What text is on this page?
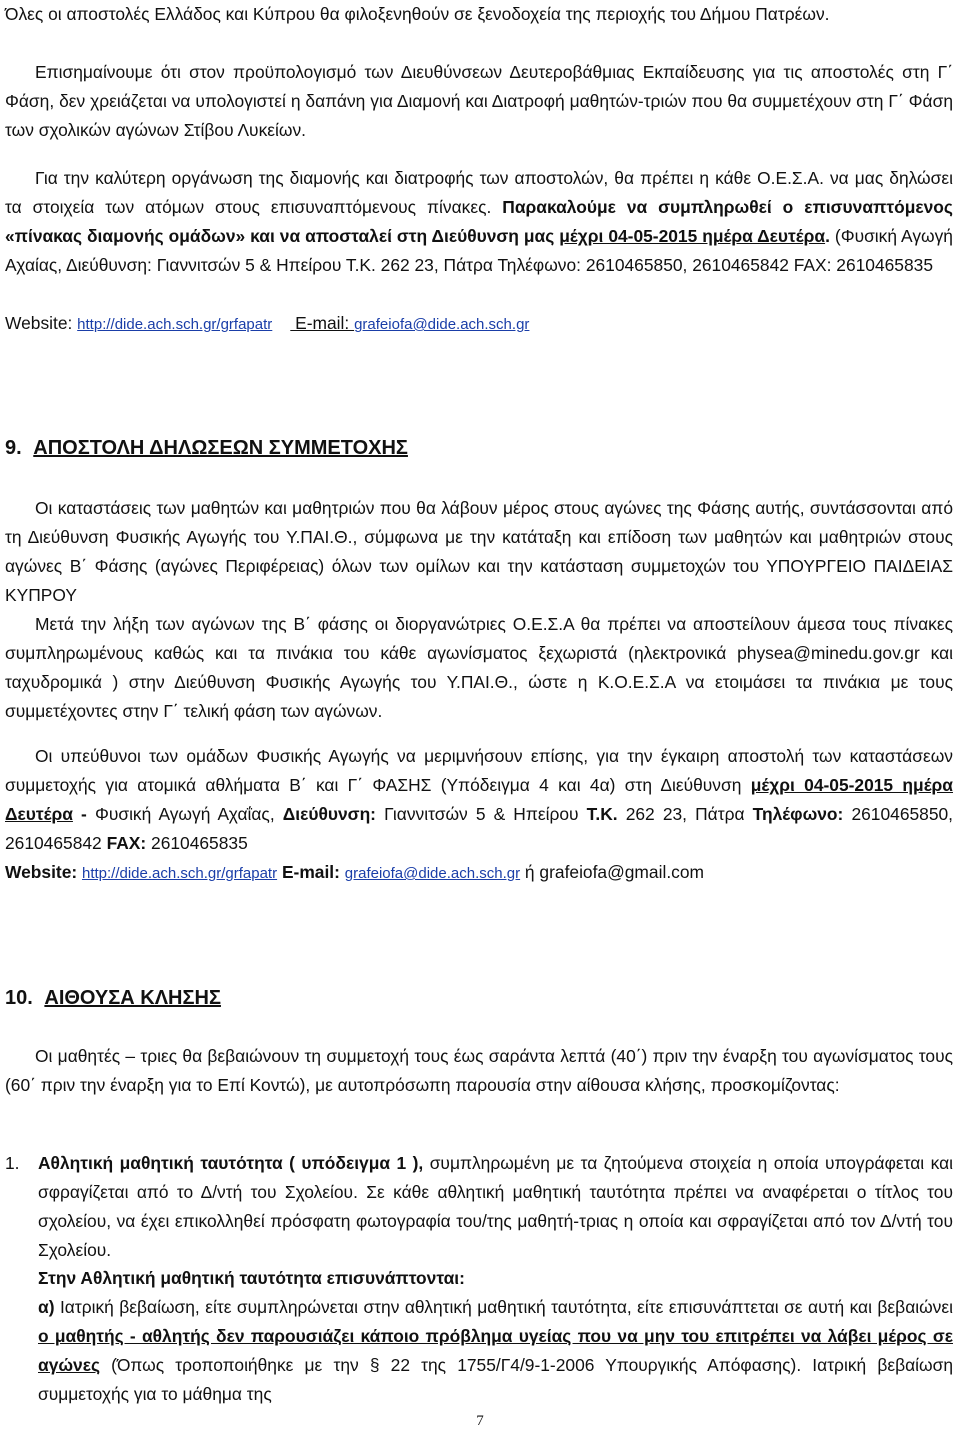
Όλες οι αποστολές Ελλάδος και Κύπρου θα φιλοξενηθούν σε ξενοδοχεία της περιοχής του Δήμου Πατρέων.

Επισημαίνουμε ότι στον προϋπολογισμό των Διευθύνσεων Δευτεροβάθμιας Εκπαίδευσης για τις αποστολές στη Γ΄ Φάση, δεν χρειάζεται να υπολογιστεί η δαπάνη για Διαμονή και Διατροφή μαθητών-τριών που θα συμμετέχουν στη Γ΄ Φάση των σχολικών αγώνων Στίβου Λυκείων.

Για την καλύτερη οργάνωση της διαμονής και διατροφής των αποστολών, θα πρέπει η κάθε Ο.Ε.Σ.Α. να μας δηλώσει τα στοιχεία των ατόμων στους επισυναπτόμενους πίνακες. Παρακαλούμε να συμπληρωθεί ο επισυναπτόμενος «πίνακας διαμονής ομάδων» και να αποσταλεί στη Διεύθυνση μας μέχρι 04-05-2015 ημέρα Δευτέρα. (Φυσική Αγωγή Αχαίας, Διεύθυνση: Γιαννιτσών 5 & Ηπείρου Τ.Κ. 262 23, Πάτρα Τηλέφωνο: 2610465850, 2610465842 FAX: 2610465835

Website: http://dide.ach.sch.gr/grfapatr E-mail: grafeiofa@dide.ach.sch.gr

9. ΑΠΟΣΤΟΛΗ ΔΗΛΩΣΕΩΝ ΣΥΜΜΕΤΟΧΗΣ

Οι καταστάσεις των μαθητών και μαθητριών που θα λάβουν μέρος στους αγώνες της Φάσης αυτής, συντάσσονται από τη Διεύθυνση Φυσικής Αγωγής του Υ.ΠΑΙ.Θ., σύμφωνα με την κατάταξη και επίδοση των μαθητών και μαθητριών στους αγώνες Β΄ Φάσης (αγώνες Περιφέρειας) όλων των ομίλων και την κατάσταση συμμετοχών του ΥΠΟΥΡΓΕΙΟ ΠΑΙΔΕΙΑΣ ΚΥΠΡΟΥ

Μετά την λήξη των αγώνων της Β΄ φάσης οι διοργανώτριες Ο.Ε.Σ.Α θα πρέπει να αποστείλουν άμεσα τους πίνακες συμπληρωμένους καθώς και τα πινάκια του κάθε αγωνίσματος ξεχωριστά (ηλεκτρονικά physea@minedu.gov.gr και ταχυδρομικά ) στην Διεύθυνση Φυσικής Αγωγής του Υ.ΠΑΙ.Θ., ώστε η Κ.Ο.Ε.Σ.Α να ετοιμάσει τα πινάκια με τους συμμετέχοντες στην Γ΄ τελική φάση των αγώνων.

Οι υπεύθυνοι των ομάδων Φυσικής Αγωγής να μεριμνήσουν επίσης, για την έγκαιρη αποστολή των καταστάσεων συμμετοχής για ατομικά αθλήματα Β΄ και Γ΄ ΦΑΣΗΣ (Υπόδειγμα 4 και 4α) στη Διεύθυνση μέχρι 04-05-2015 ημέρα Δευτέρα - Φυσική Αγωγή Αχαΐας, Διεύθυνση: Γιαννιτσών 5 & Ηπείρου Τ.Κ. 262 23, Πάτρα Τηλέφωνο: 2610465850, 2610465842 FAX: 2610465835

Website: http://dide.ach.sch.gr/grfapatr E-mail: grafeiofa@dide.ach.sch.gr ή grafeiofa@gmail.com

10. ΑΙΘΟΥΣΑ ΚΛΗΣΗΣ

Οι μαθητές – τριες θα βεβαιώνουν τη συμμετοχή τους έως σαράντα λεπτά (40΄) πριν την έναρξη του αγωνίσματος τους (60΄ πριν την έναρξη για το Επί Κοντώ), με αυτοπρόσωπη παρουσία στην αίθουσα κλήσης, προσκομίζοντας:

1. Αθλητική μαθητική ταυτότητα ( υπόδειγμα 1 ), συμπληρωμένη με τα ζητούμενα στοιχεία η οποία υπογράφεται και σφραγίζεται από το Δ/ντή του Σχολείου. Σε κάθε αθλητική μαθητική ταυτότητα πρέπει να αναφέρεται ο τίτλος του σχολείου, να έχει επικολληθεί πρόσφατη φωτογραφία του/της μαθητή-τριας η οποία και σφραγίζεται από τον Δ/ντή του Σχολείου.

Στην Αθλητική μαθητική ταυτότητα επισυνάπτονται:

α) Ιατρική βεβαίωση, είτε συμπληρώνεται στην αθλητική μαθητική ταυτότητα, είτε επισυνάπτεται σε αυτή και βεβαιώνει ο μαθητής - αθλητής δεν παρουσιάζει κάποιο πρόβλημα υγείας που να μην του επιτρέπει να λάβει μέρος σε αγώνες (Όπως τροποποιήθηκε με την § 22 της 1755/Γ4/9-1-2006 Υπουργικής Απόφασης). Ιατρική βεβαίωση συμμετοχής για το μάθημα της

7
